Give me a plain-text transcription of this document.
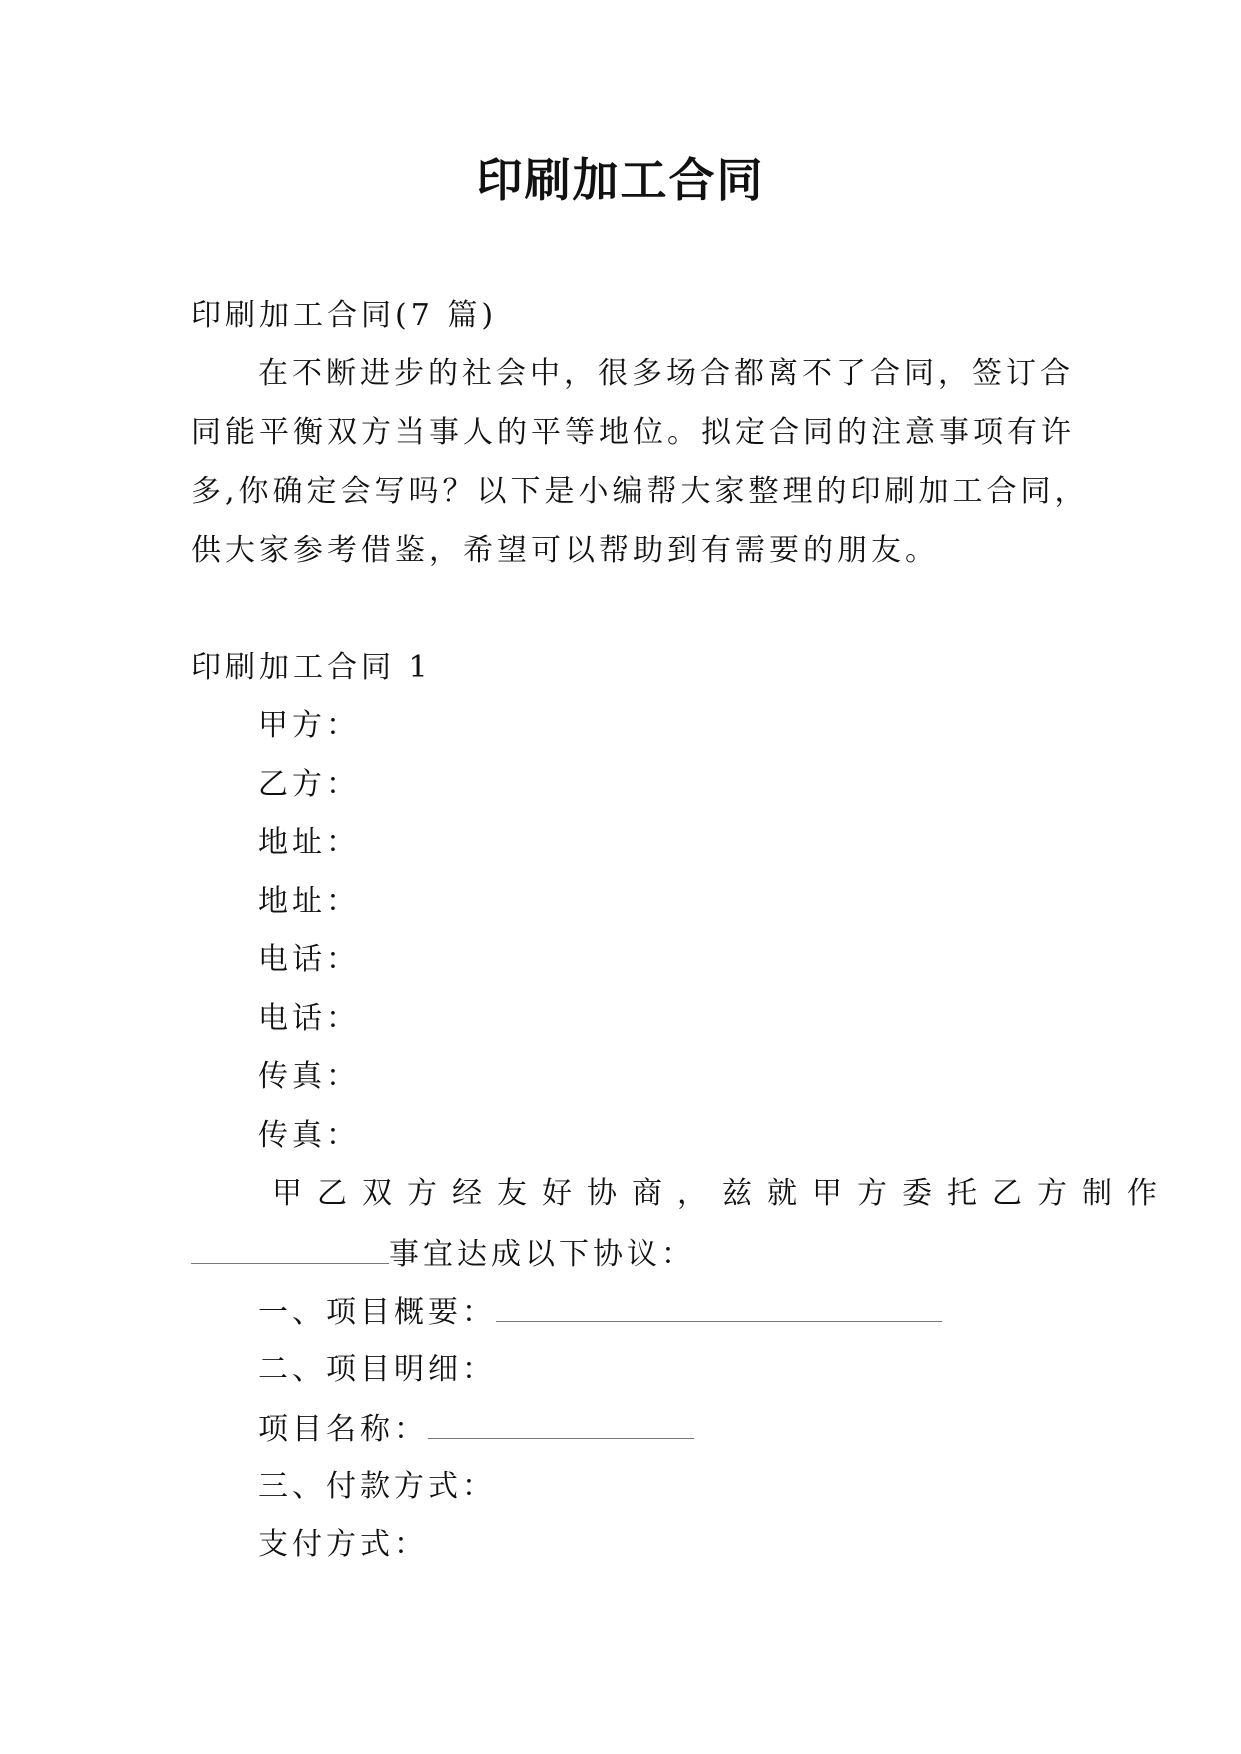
印刷加工合同
印刷加工合同(7 篇)
在不断进步的社会中，很多场合都离不了合同，签订合
同能平衡双方当事人的平等地位。拟定合同的注意事项有许
多,你确定会写吗？以下是小编帮大家整理的印刷加工合同，
供大家参考借鉴，希望可以帮助到有需要的朋友。
印刷加工合同 1
甲方：
乙方：
地址：
地址：
电话：
电话：
传真：
传真：
甲乙双方经友好协商，兹就甲方委托乙方制作
事宜达成以下协议：
一、项目概要：
二、项目明细：
项目名称：
三、付款方式：
支付方式：
